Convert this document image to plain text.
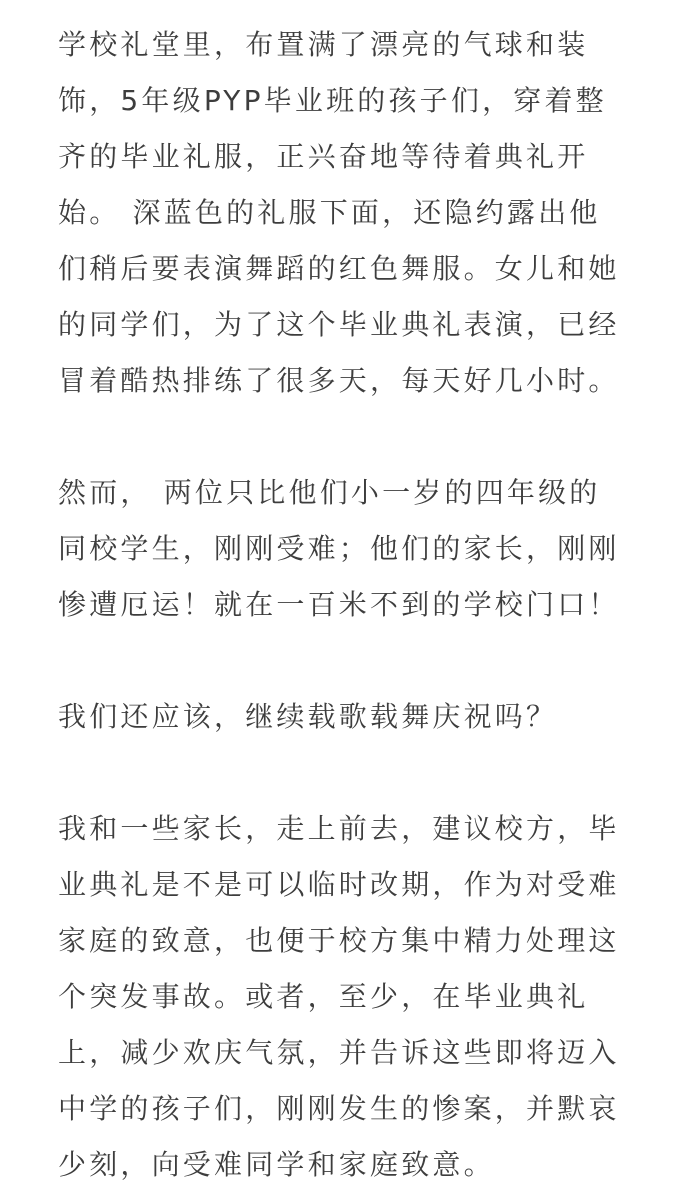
学校礼堂里，布置满了漂亮的气球和装
饰，5年级PYP毕业班的孩子们，穿着整
齐的毕业礼服，正兴奋地等待着典礼开
始。 深蓝色的礼服下面，还隐约露出他
们稍后要表演舞蹈的红色舞服。女儿和她
的同学们，为了这个毕业典礼表演，已经
冒着酷热排练了很多天，每天好几小时。
然而， 两位只比他们小一岁的四年级的
同校学生，刚刚受难；他们的家长，刚刚
惨遭厄运！就在一百米不到的学校门口！
我们还应该，继续载歌载舞庆祝吗？
我和一些家长，走上前去，建议校方，毕
业典礼是不是可以临时改期，作为对受难
家庭的致意，也便于校方集中精力处理这
个突发事故。或者，至少，在毕业典礼
上，减少欢庆气氛，并告诉这些即将迈入
中学的孩子们，刚刚发生的惨案，并默哀
少刻，向受难同学和家庭致意。
